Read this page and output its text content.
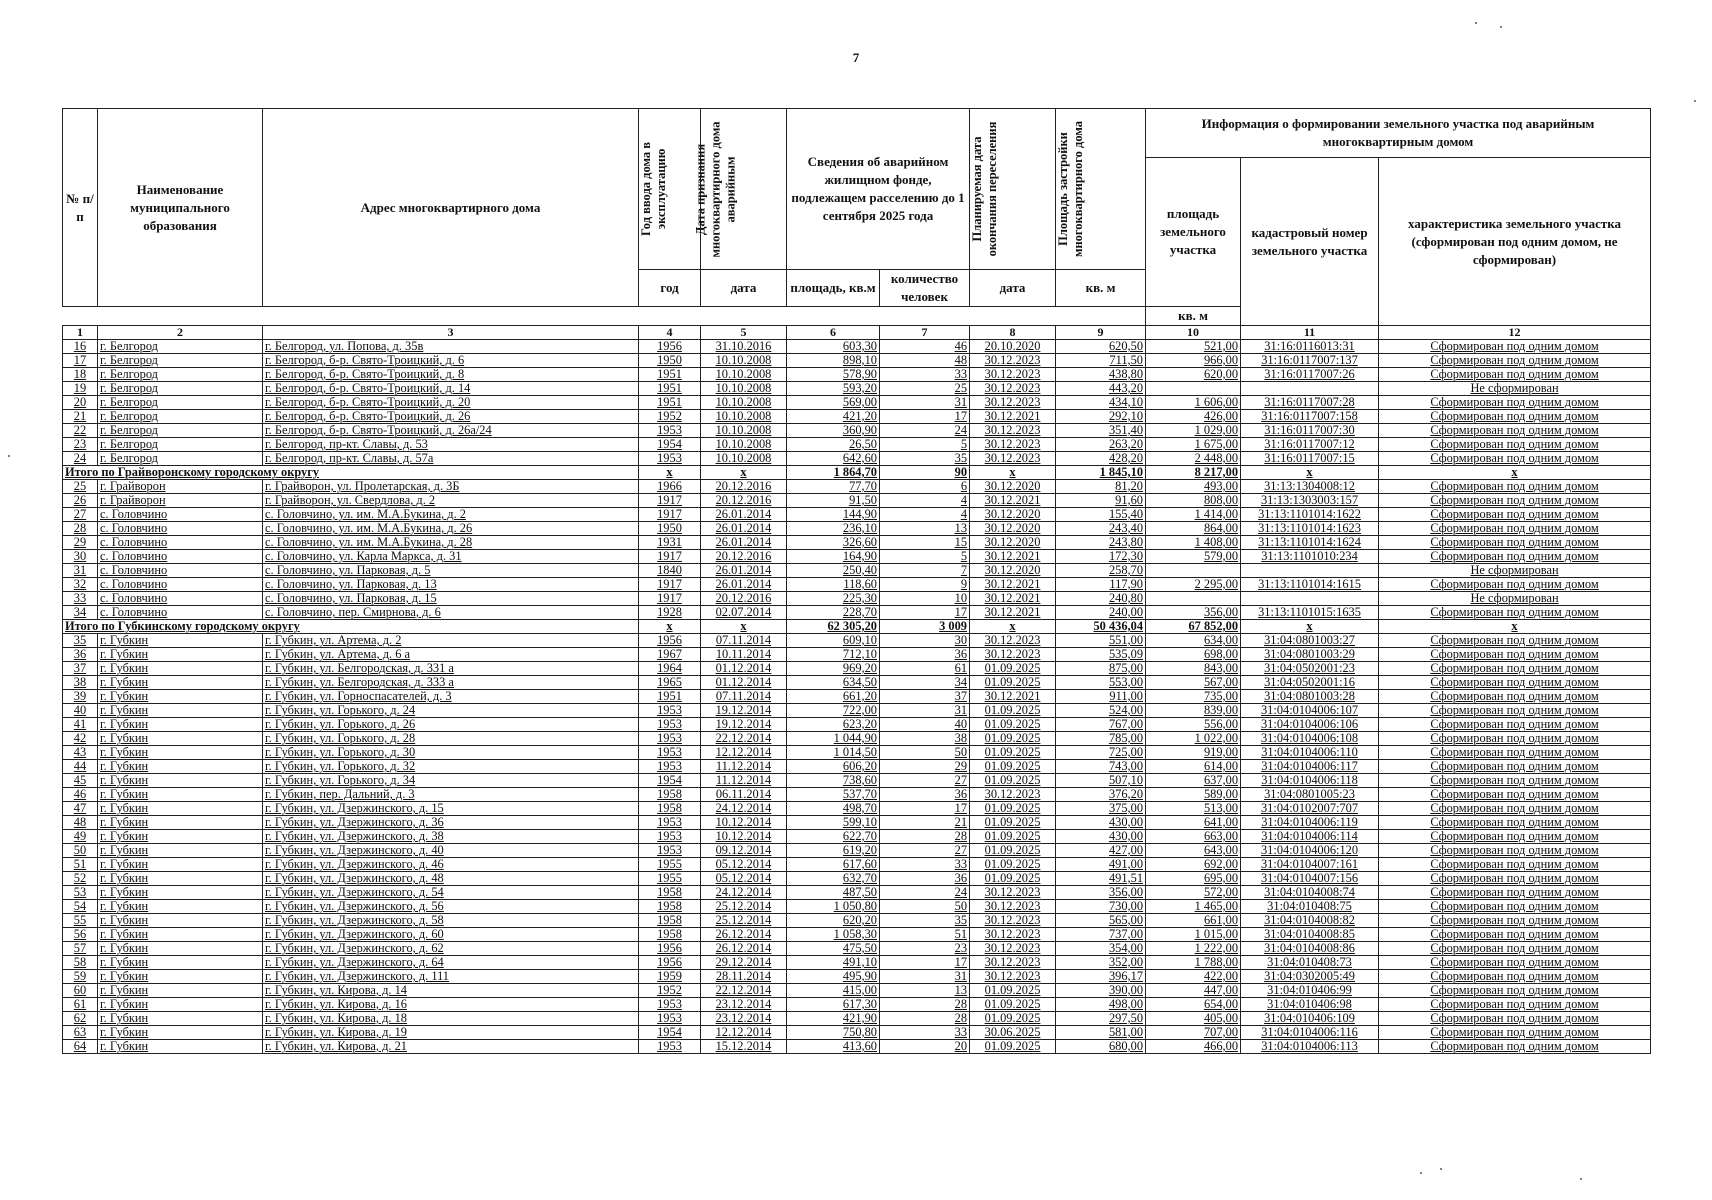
7
№ п/п	Наименование муниципального образования	Адрес многоквартирного дома	Год ввода дома в эксплуатацию	Дата признания многоквартирного дома аварийным	Сведения об аварийном жилищном фонде, подлежащем расселению до 1 сентября 2025 года		Планируемая дата окончания переселения	Площадь застройки многоквартирного дома	Информация о формировании земельного участка под аварийным многоквартирным домом		
									площадь земельного участка	кадастровый номер земельного участка	характеристика земельного участка (сформирован под одним домом, не сформирован)
			год	дата	площадь, кв.м	количество человек	дата	кв. м			
									кв. м		
1	2	3	4	5	6	7	8	9	10	11	12
16	г. Белгород	г. Белгород, ул. Попова, д. 35в	1956	31.10.2016	603,30	46	20.10.2020	620,50	521,00	31:16:0116013:31	Сформирован под одним домом
17	г. Белгород	г. Белгород, б-р. Свято-Троицкий, д. 6	1950	10.10.2008	898,10	48	30.12.2023	711,50	966,00	31:16:0117007:137	Сформирован под одним домом
18	г. Белгород	г. Белгород, б-р. Свято-Троицкий, д. 8	1951	10.10.2008	578,90	33	30.12.2023	438,80	620,00	31:16:0117007:26	Сформирован под одним домом
19	г. Белгород	г. Белгород, б-р. Свято-Троицкий, д. 14	1951	10.10.2008	593,20	25	30.12.2023	443,20			Не сформирован
20	г. Белгород	г. Белгород, б-р. Свято-Троицкий, д. 20	1951	10.10.2008	569,00	31	30.12.2023	434,10	1 606,00	31:16:0117007:28	Сформирован под одним домом
21	г. Белгород	г. Белгород, б-р. Свято-Троицкий, д. 26	1952	10.10.2008	421,20	17	30.12.2021	292,10	426,00	31:16:0117007:158	Сформирован под одним домом
22	г. Белгород	г. Белгород, б-р. Свято-Троицкий, д. 26а/24	1953	10.10.2008	360,90	24	30.12.2023	351,40	1 029,00	31:16:0117007:30	Сформирован под одним домом
23	г. Белгород	г. Белгород, пр-кт. Славы, д. 53	1954	10.10.2008	26,50	5	30.12.2023	263,20	1 675,00	31:16:0117007:12	Сформирован под одним домом
24	г. Белгород	г. Белгород, пр-кт. Славы, д. 57а	1953	10.10.2008	642,60	35	30.12.2023	428,20	2 448,00	31:16:0117007:15	Сформирован под одним домом
Итого по Грайворонскому городскому округу			x	x	1 864,70	90	x	1 845,10	8 217,00	x	x
25	г. Грайворон	г. Грайворон, ул. Пролетарская, д. 3Б	1966	20.12.2016	77,70	6	30.12.2020	81,20	493,00	31:13:1304008:12	Сформирован под одним домом
26	г. Грайворон	г. Грайворон, ул. Свердлова, д. 2	1917	20.12.2016	91,50	4	30.12.2021	91,60	808,00	31:13:1303003:157	Сформирован под одним домом
27	с. Головчино	с. Головчино, ул. им. М.А.Букина, д. 2	1917	26.01.2014	144,90	4	30.12.2020	155,40	1 414,00	31:13:1101014:1622	Сформирован под одним домом
28	с. Головчино	с. Головчино, ул. им. М.А.Букина, д. 26	1950	26.01.2014	236,10	13	30.12.2020	243,40	864,00	31:13:1101014:1623	Сформирован под одним домом
29	с. Головчино	с. Головчино, ул. им. М.А.Букина, д. 28	1931	26.01.2014	326,60	15	30.12.2020	243,80	1 408,00	31:13:1101014:1624	Сформирован под одним домом
30	с. Головчино	с. Головчино, ул. Карла Маркса, д. 31	1917	20.12.2016	164,90	5	30.12.2021	172,30	579,00	31:13:1101010:234	Сформирован под одним домом
31	с. Головчино	с. Головчино, ул. Парковая, д. 5	1840	26.01.2014	250,40	7	30.12.2020	258,70			Не сформирован
32	с. Головчино	с. Головчино, ул. Парковая, д. 13	1917	26.01.2014	118,60	9	30.12.2021	117,90	2 295,00	31:13:1101014:1615	Сформирован под одним домом
33	с. Головчино	с. Головчино, ул. Парковая, д. 15	1917	20.12.2016	225,30	10	30.12.2021	240,80			Не сформирован
34	с. Головчино	с. Головчино, пер. Смирнова, д. 6	1928	02.07.2014	228,70	17	30.12.2021	240,00	356,00	31:13:1101015:1635	Сформирован под одним домом
Итого по Губкинскому городскому округу			x	x	62 305,20	3 009	x	50 436,04	67 852,00	x	x
35	г. Губкин	г. Губкин, ул. Артема, д. 2	1956	07.11.2014	609,10	30	30.12.2023	551,00	634,00	31:04:0801003:27	Сформирован под одним домом
36	г. Губкин	г. Губкин, ул. Артема, д. 6 а	1967	10.11.2014	712,10	36	30.12.2023	535,09	698,00	31:04:0801003:29	Сформирован под одним домом
37	г. Губкин	г. Губкин, ул. Белгородская, д. 331 а	1964	01.12.2014	969,20	61	01.09.2025	875,00	843,00	31:04:0502001:23	Сформирован под одним домом
38	г. Губкин	г. Губкин, ул. Белгородская, д. 333 а	1965	01.12.2014	634,50	34	01.09.2025	553,00	567,00	31:04:0502001:16	Сформирован под одним домом
39	г. Губкин	г. Губкин, ул. Горноспасателей, д. 3	1951	07.11.2014	661,20	37	30.12.2021	911,00	735,00	31:04:0801003:28	Сформирован под одним домом
40	г. Губкин	г. Губкин, ул. Горького, д. 24	1953	19.12.2014	722,00	31	01.09.2025	524,00	839,00	31:04:0104006:107	Сформирован под одним домом
41	г. Губкин	г. Губкин, ул. Горького, д. 26	1953	19.12.2014	623,20	40	01.09.2025	767,00	556,00	31:04:0104006:106	Сформирован под одним домом
42	г. Губкин	г. Губкин, ул. Горького, д. 28	1953	22.12.2014	1 044,90	38	01.09.2025	785,00	1 022,00	31:04:0104006:108	Сформирован под одним домом
43	г. Губкин	г. Губкин, ул. Горького, д. 30	1953	12.12.2014	1 014,50	50	01.09.2025	725,00	919,00	31:04:0104006:110	Сформирован под одним домом
44	г. Губкин	г. Губкин, ул. Горького, д. 32	1953	11.12.2014	606,20	29	01.09.2025	743,00	614,00	31:04:0104006:117	Сформирован под одним домом
45	г. Губкин	г. Губкин, ул. Горького, д. 34	1954	11.12.2014	738,60	27	01.09.2025	507,10	637,00	31:04:0104006:118	Сформирован под одним домом
46	г. Губкин	г. Губкин, пер. Дальний, д. 3	1958	06.11.2014	537,70	36	30.12.2023	376,20	589,00	31:04:0801005:23	Сформирован под одним домом
47	г. Губкин	г. Губкин, ул. Дзержинского, д. 15	1958	24.12.2014	498,70	17	01.09.2025	375,00	513,00	31:04:0102007:707	Сформирован под одним домом
48	г. Губкин	г. Губкин, ул. Дзержинского, д. 36	1953	10.12.2014	599,10	21	01.09.2025	430,00	641,00	31:04:0104006:119	Сформирован под одним домом
49	г. Губкин	г. Губкин, ул. Дзержинского, д. 38	1953	10.12.2014	622,70	28	01.09.2025	430,00	663,00	31:04:0104006:114	Сформирован под одним домом
50	г. Губкин	г. Губкин, ул. Дзержинского, д. 40	1953	09.12.2014	619,20	27	01.09.2025	427,00	643,00	31:04:0104006:120	Сформирован под одним домом
51	г. Губкин	г. Губкин, ул. Дзержинского, д. 46	1955	05.12.2014	617,60	33	01.09.2025	491,00	692,00	31:04:0104007:161	Сформирован под одним домом
52	г. Губкин	г. Губкин, ул. Дзержинского, д. 48	1955	05.12.2014	632,70	36	01.09.2025	491,51	695,00	31:04:0104007:156	Сформирован под одним домом
53	г. Губкин	г. Губкин, ул. Дзержинского, д. 54	1958	24.12.2014	487,50	24	30.12.2023	356,00	572,00	31:04:0104008:74	Сформирован под одним домом
54	г. Губкин	г. Губкин, ул. Дзержинского, д. 56	1958	25.12.2014	1 050,80	50	30.12.2023	730,00	1 465,00	31:04:010408:75	Сформирован под одним домом
55	г. Губкин	г. Губкин, ул. Дзержинского, д. 58	1958	25.12.2014	620,20	35	30.12.2023	565,00	661,00	31:04:0104008:82	Сформирован под одним домом
56	г. Губкин	г. Губкин, ул. Дзержинского, д. 60	1958	26.12.2014	1 058,30	51	30.12.2023	737,00	1 015,00	31:04:0104008:85	Сформирован под одним домом
57	г. Губкин	г. Губкин, ул. Дзержинского, д. 62	1956	26.12.2014	475,50	23	30.12.2023	354,00	1 222,00	31:04:0104008:86	Сформирован под одним домом
58	г. Губкин	г. Губкин, ул. Дзержинского, д. 64	1956	29.12.2014	491,10	17	30.12.2023	352,00	1 788,00	31:04:010408:73	Сформирован под одним домом
59	г. Губкин	г. Губкин, ул. Дзержинского, д. 111	1959	28.11.2014	495,90	31	30.12.2023	396,17	422,00	31:04:0302005:49	Сформирован под одним домом
60	г. Губкин	г. Губкин, ул. Кирова, д. 14	1952	22.12.2014	415,00	13	01.09.2025	390,00	447,00	31:04:010406:99	Сформирован под одним домом
61	г. Губкин	г. Губкин, ул. Кирова, д. 16	1953	23.12.2014	617,30	28	01.09.2025	498,00	654,00	31:04:010406:98	Сформирован под одним домом
62	г. Губкин	г. Губкин, ул. Кирова, д. 18	1953	23.12.2014	421,90	28	01.09.2025	297,50	405,00	31:04:010406:109	Сформирован под одним домом
63	г. Губкин	г. Губкин, ул. Кирова, д. 19	1954	12.12.2014	750,80	33	30.06.2025	581,00	707,00	31:04:0104006:116	Сформирован под одним домом
64	г. Губкин	г. Губкин, ул. Кирова, д. 21	1953	15.12.2014	413,60	20	01.09.2025	680,00	466,00	31:04:0104006:113	Сформирован под одним домом
